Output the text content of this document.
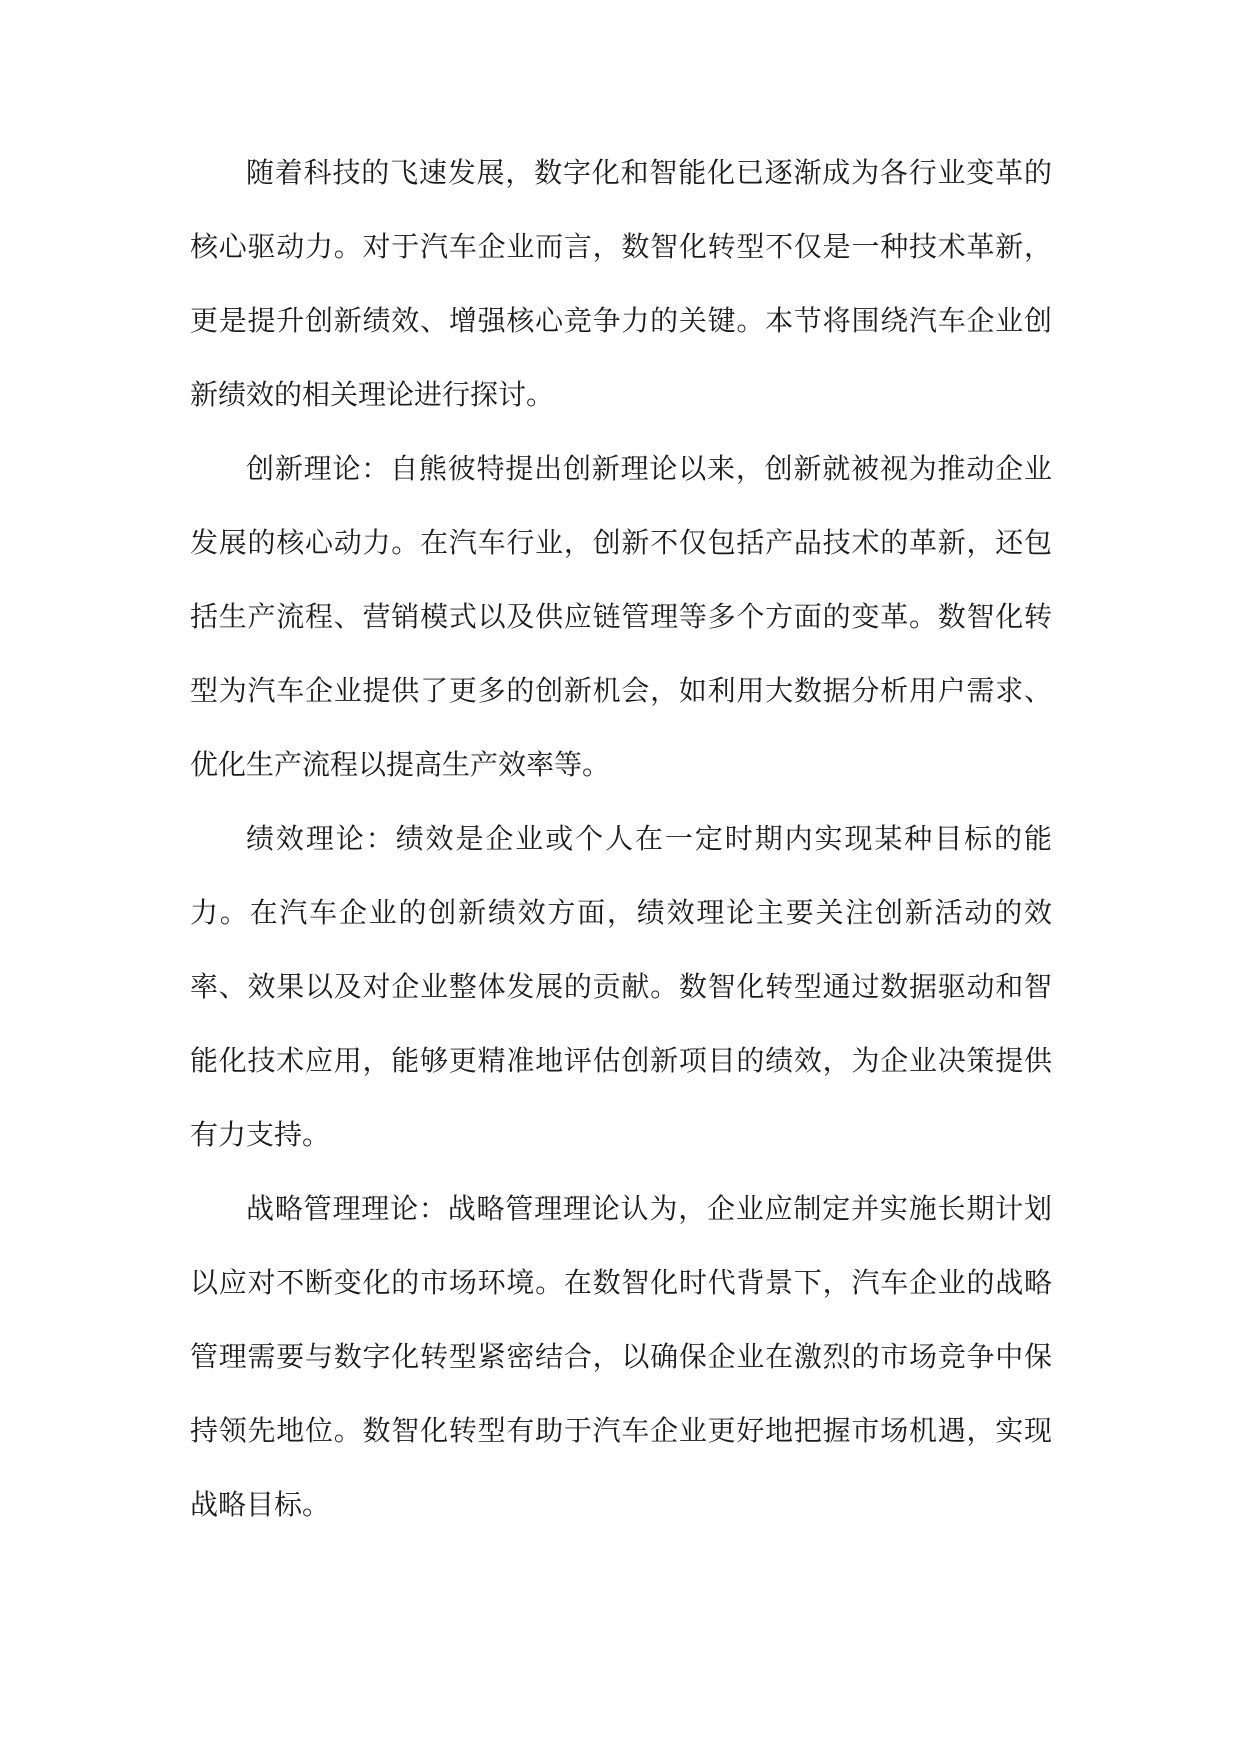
随着科技的飞速发展，数字化和智能化已逐渐成为各行业变革的核心驱动力。对于汽车企业而言，数智化转型不仅是一种技术革新，更是提升创新绩效、增强核心竞争力的关键。本节将围绕汽车企业创新绩效的相关理论进行探讨。

创新理论：自熊彼特提出创新理论以来，创新就被视为推动企业发展的核心动力。在汽车行业，创新不仅包括产品技术的革新，还包括生产流程、营销模式以及供应链管理等多个方面的变革。数智化转型为汽车企业提供了更多的创新机会，如利用大数据分析用户需求、优化生产流程以提高生产效率等。

绩效理论：绩效是企业或个人在一定时期内实现某种目标的能力。在汽车企业的创新绩效方面，绩效理论主要关注创新活动的效率、效果以及对企业整体发展的贡献。数智化转型通过数据驱动和智能化技术应用，能够更精准地评估创新项目的绩效，为企业决策提供有力支持。

战略管理理论：战略管理理论认为，企业应制定并实施长期计划以应对不断变化的市场环境。在数智化时代背景下，汽车企业的战略管理需要与数字化转型紧密结合，以确保企业在激烈的市场竞争中保持领先地位。数智化转型有助于汽车企业更好地把握市场机遇，实现战略目标。
